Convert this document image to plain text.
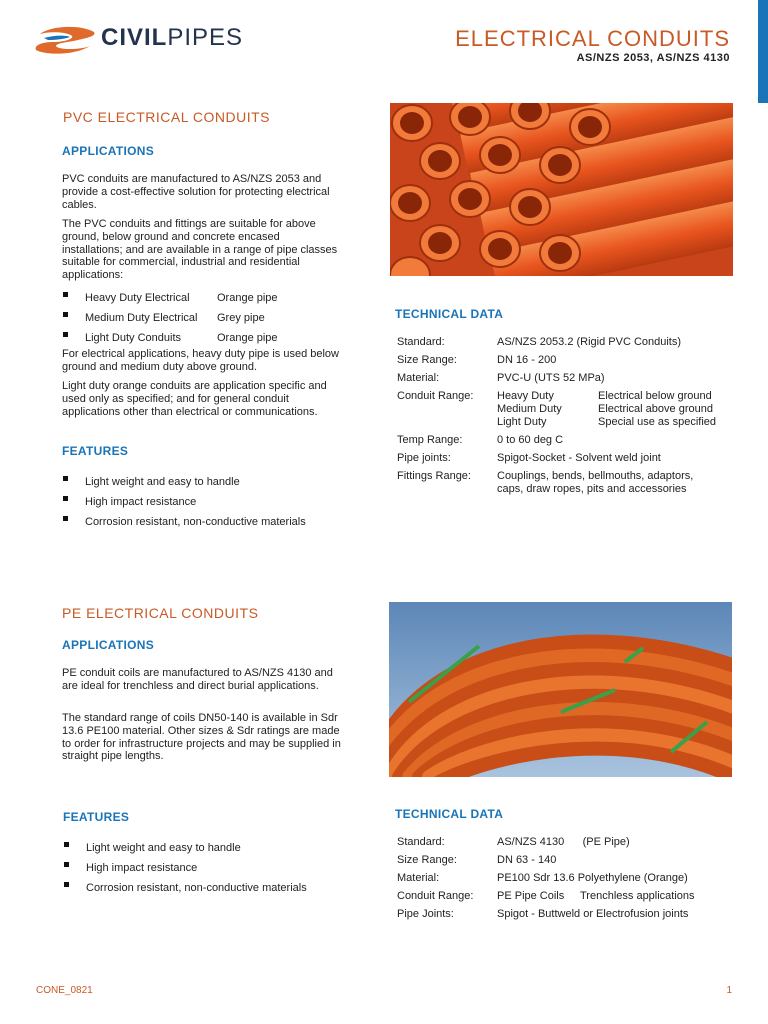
CIVILPIPES	ELECTRICAL CONDUITS
AS/NZS 2053, AS/NZS 4130
PVC ELECTRICAL CONDUITS
APPLICATIONS
PVC conduits are manufactured to AS/NZS 2053 and provide a cost-effective solution for protecting electrical cables.
The PVC conduits and fittings are suitable for above ground, below ground and concrete encased installations; and are available in a range of pipe classes suitable for commercial, industrial and residential applications:
Heavy Duty Electrical Orange pipe
Medium Duty Electrical Grey pipe
Light Duty Conduits	Orange pipe
For electrical applications, heavy duty pipe is used below ground and medium duty above ground.
Light duty orange conduits are application specific and used only as specified; and for general conduit applications other than electrical or communications.
FEATURES
Light weight and easy to handle
High impact resistance
Corrosion resistant, non-conductive materials
TECHNICAL DATA
Standard:	AS/NZS 2053.2 (Rigid PVC Conduits)
Size Range:	DN 16 - 200
Material:	PVC-U (UTS 52 MPa)
Conduit Range: Heavy Duty	Electrical below ground
Medium Duty	Electrical above ground
Light Duty	Special use as specified
Temp Range:	0 to 60 deg C
Pipe joints:	Spigot-Socket - Solvent weld joint
Fittings Range: Couplings, bends, bellmouths, adaptors, caps, draw ropes, pits and accessories
PE ELECTRICAL CONDUITS
APPLICATIONS
PE conduit coils are manufactured to AS/NZS 4130 and are ideal for trenchless and direct burial applications.
The standard range of coils DN50-140 is available in Sdr 13.6 PE100 material. Other sizes & Sdr ratings are made to order for infrastructure projects and may be supplied in straight pipe lengths.
FEATURES
Light weight and easy to handle
High impact resistance
Corrosion resistant, non-conductive materials
TECHNICAL DATA
Standard:	AS/NZS 4130      (PE Pipe)
Size Range:	DN 63 - 140
Material:	PE100 Sdr 13.6 Polyethylene (Orange)
Conduit Range: PE Pipe Coils	Trenchless applications
Pipe Joints:	Spigot - Buttweld or Electrofusion joints
CONE_0821	1
